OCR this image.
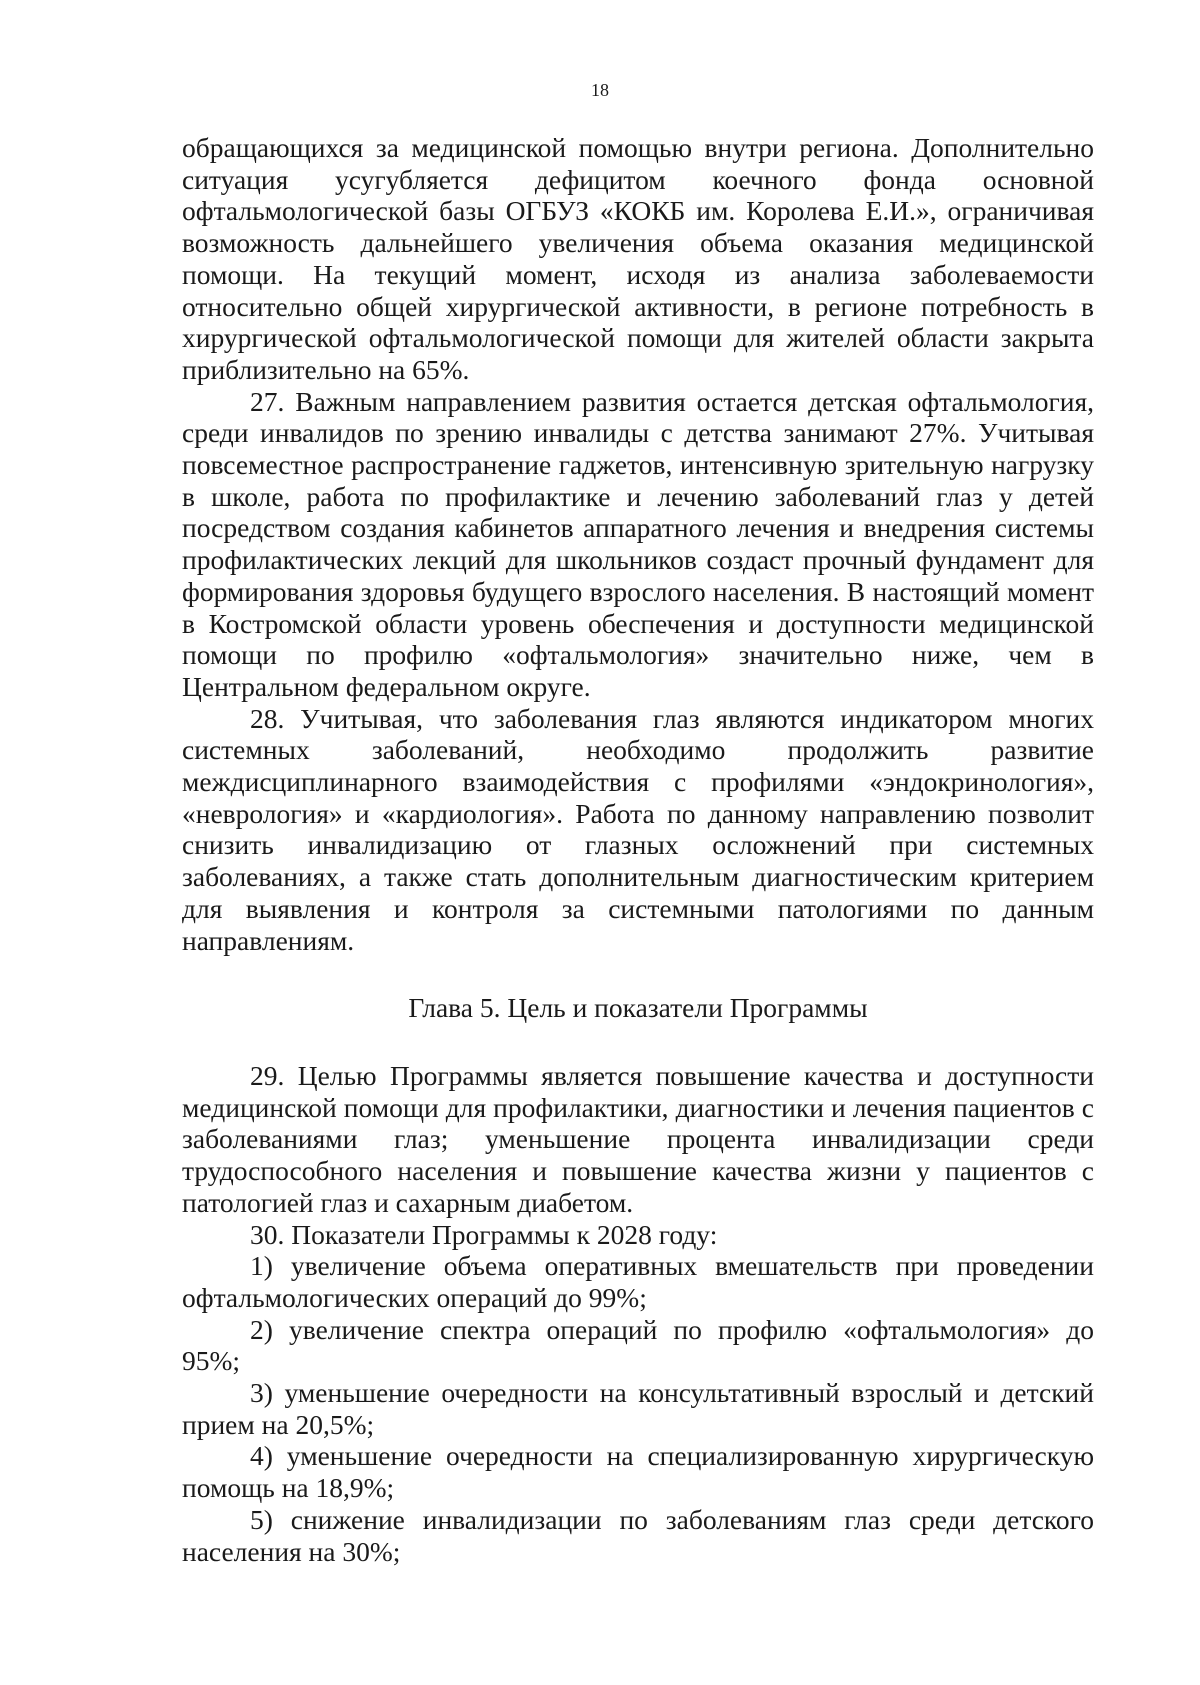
18

обращающихся за медицинской помощью внутри региона. Дополнительно ситуация усугубляется дефицитом коечного фонда основной офтальмологической базы ОГБУЗ «КОКБ им. Королева Е.И.», ограничивая возможность дальнейшего увеличения объема оказания медицинской помощи. На текущий момент, исходя из анализа заболеваемости относительно общей хирургической активности, в регионе потребность в хирургической офтальмологической помощи для жителей области закрыта приблизительно на 65%.

27. Важным направлением развития остается детская офтальмология, среди инвалидов по зрению инвалиды с детства занимают 27%. Учитывая повсеместное распространение гаджетов, интенсивную зрительную нагрузку в школе, работа по профилактике и лечению заболеваний глаз у детей посредством создания кабинетов аппаратного лечения и внедрения системы профилактических лекций для школьников создаст прочный фундамент для формирования здоровья будущего взрослого населения. В настоящий момент в Костромской области уровень обеспечения и доступности медицинской помощи по профилю «офтальмология» значительно ниже, чем в Центральном федеральном округе.

28. Учитывая, что заболевания глаз являются индикатором многих системных заболеваний, необходимо продолжить развитие междисциплинарного взаимодействия с профилями «эндокринология», «неврология» и «кардиология». Работа по данному направлению позволит снизить инвалидизацию от глазных осложнений при системных заболеваниях, а также стать дополнительным диагностическим критерием для выявления и контроля за системными патологиями по данным направлениям.

Глава 5. Цель и показатели Программы

29. Целью Программы является повышение качества и доступности медицинской помощи для профилактики, диагностики и лечения пациентов с заболеваниями глаз; уменьшение процента инвалидизации среди трудоспособного населения и повышение качества жизни у пациентов с патологией глаз и сахарным диабетом.

30. Показатели Программы к 2028 году:

1) увеличение объема оперативных вмешательств при проведении офтальмологических операций до 99%;

2) увеличение спектра операций по профилю «офтальмология» до 95%;

3) уменьшение очередности на консультативный взрослый и детский прием на 20,5%;

4) уменьшение очередности на специализированную хирургическую помощь на 18,9%;

5) снижение инвалидизации по заболеваниям глаз среди детского населения на 30%;
